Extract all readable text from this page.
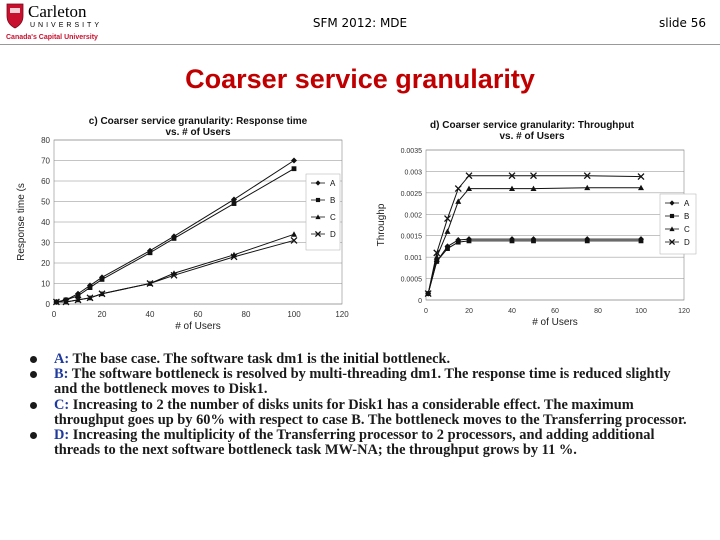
Carleton
UNIVERSITY
Canada's Capital University
SFM 2012: MDE	slide 56
Coarser service granularity
c) Coarser service granularity: Response time vs. # of Users
0
10
20
30
40
50
60
70
80
0	20	40	60	80	100	120
# of Users
Response time (s	A
B
C
D
d) Coarser service granularity: Throughput vs. # of Users
0
0.0005
0.001
0.0015
0.002
0.0025
0.003
0.0035
0	20	40	60	80	100	120
# of Users
Throughp
A
B
C
D
A: The base case. The software task dm1 is the initial bottleneck.
B: The software bottleneck is resolved by multi-threading dm1. The response time is reduced slightly and the bottleneck moves to Disk1.
C: Increasing to 2 the number of disks units for Disk1 has a considerable effect. The maximum throughput goes up by 60% with respect to case B. The bottleneck moves to the Transferring processor.
D: Increasing the multiplicity of the Transferring processor to 2 processors, and adding additional threads to the next software bottleneck task MW-NA; the throughput grows by 11 %.
